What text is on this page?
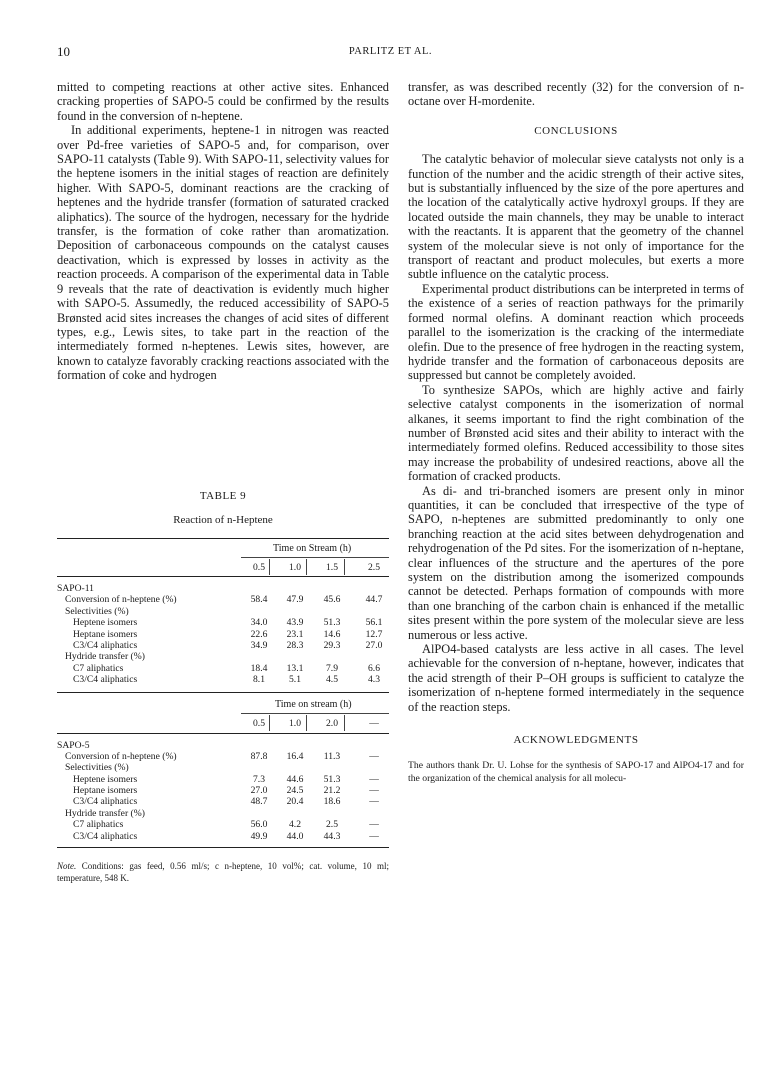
10	PARLITZ ET AL.

mitted to competing reactions at other active sites. Enhanced cracking properties of SAPO-5 could be confirmed by the results found in the conversion of n-heptene.

In additional experiments, heptene-1 in nitrogen was reacted over Pd-free varieties of SAPO-5 and, for comparison, over SAPO-11 catalysts (Table 9). With SAPO-11, selectivity values for the heptene isomers in the initial stages of reaction are definitely higher. With SAPO-5, dominant reactions are the cracking of heptenes and the hydride transfer (formation of saturated cracked aliphatics). The source of the hydrogen, necessary for the hydride transfer, is the formation of coke rather than aromatization. Deposition of carbonaceous compounds on the catalyst causes deactivation, which is expressed by losses in activity as the reaction proceeds. A comparison of the experimental data in Table 9 reveals that the rate of deactivation is evidently much higher with SAPO-5. Assumedly, the reduced accessibility of SAPO-5 Brønsted acid sites increases the changes of acid sites of different types, e.g., Lewis sites, to take part in the reaction of the intermediately formed n-heptenes. Lewis sites, however, are known to catalyze favorably cracking reactions associated with the formation of coke and hydrogen

TABLE 9
Reaction of n-Heptene
Time on Stream (h)
0.5	1.0	1.5	2.5
SAPO-11
Conversion of n-heptene (%)	58.4	47.9	45.6	44.7
Selectivities (%)
Heptene isomers	34.0	43.9	51.3	56.1
Heptane isomers	22.6	23.1	14.6	12.7
C3/C4 aliphatics	34.9	28.3	29.3	27.0
Hydride transfer (%)
C7 aliphatics	18.4	13.1	7.9	6.6
C3/C4 aliphatics	8.1	5.1	4.5	4.3
Time on stream (h)
0.5	1.0	2.0	—
SAPO-5
Conversion of n-heptene (%)	87.8	16.4	11.3	—
Selectivities (%)
Heptene isomers	7.3	44.6	51.3	—
Heptane isomers	27.0	24.5	21.2	—
C3/C4 aliphatics	48.7	20.4	18.6	—
Hydride transfer (%)
C7 aliphatics	56.0	4.2	2.5	—
C3/C4 aliphatics	49.9	44.0	44.3	—
Note. Conditions: gas feed, 0.56 ml/s; c n-heptene, 10 vol%; cat. volume, 10 ml; temperature, 548 K.

transfer, as was described recently (32) for the conversion of n-octane over H-mordenite.

CONCLUSIONS

The catalytic behavior of molecular sieve catalysts not only is a function of the number and the acidic strength of their active sites, but is substantially influenced by the size of the pore apertures and the location of the catalytically active hydroxyl groups. If they are located outside the main channels, they may be unable to interact with the reactants. It is apparent that the geometry of the channel system of the molecular sieve is not only of importance for the transport of reactant and product molecules, but exerts a more subtle influence on the catalytic process.

Experimental product distributions can be interpreted in terms of the existence of a series of reaction pathways for the primarily formed normal olefins. A dominant reaction which proceeds parallel to the isomerization is the cracking of the intermediate olefin. Due to the presence of free hydrogen in the reacting system, hydride transfer and the formation of carbonaceous deposits are suppressed but cannot be completely avoided.

To synthesize SAPOs, which are highly active and fairly selective catalyst components in the isomerization of normal alkanes, it seems important to find the right combination of the number of Brønsted acid sites and their ability to interact with the intermediately formed olefins. Reduced accessibility to those sites may increase the probability of undesired reactions, above all the formation of cracked products.

As di- and tri-branched isomers are present only in minor quantities, it can be concluded that irrespective of the type of SAPO, n-heptenes are submitted predominantly to only one branching reaction at the acid sites between dehydrogenation and rehydrogenation of the Pd sites. For the isomerization of n-heptane, clear influences of the structure and the apertures of the pore system on the distribution among the isomerized compounds cannot be detected. Perhaps formation of compounds with more than one branching of the carbon chain is enhanced if the metallic sites present within the pore system of the molecular sieve are less numerous or less active.

AlPO4-based catalysts are less active in all cases. The level achievable for the conversion of n-heptane, however, indicates that the acid strength of their P–OH groups is sufficient to catalyze the isomerization of n-heptene formed intermediately in the sequence of the reaction steps.

ACKNOWLEDGMENTS

The authors thank Dr. U. Lohse for the synthesis of SAPO-17 and AlPO4-17 and for the organization of the chemical analysis for all molecu-
